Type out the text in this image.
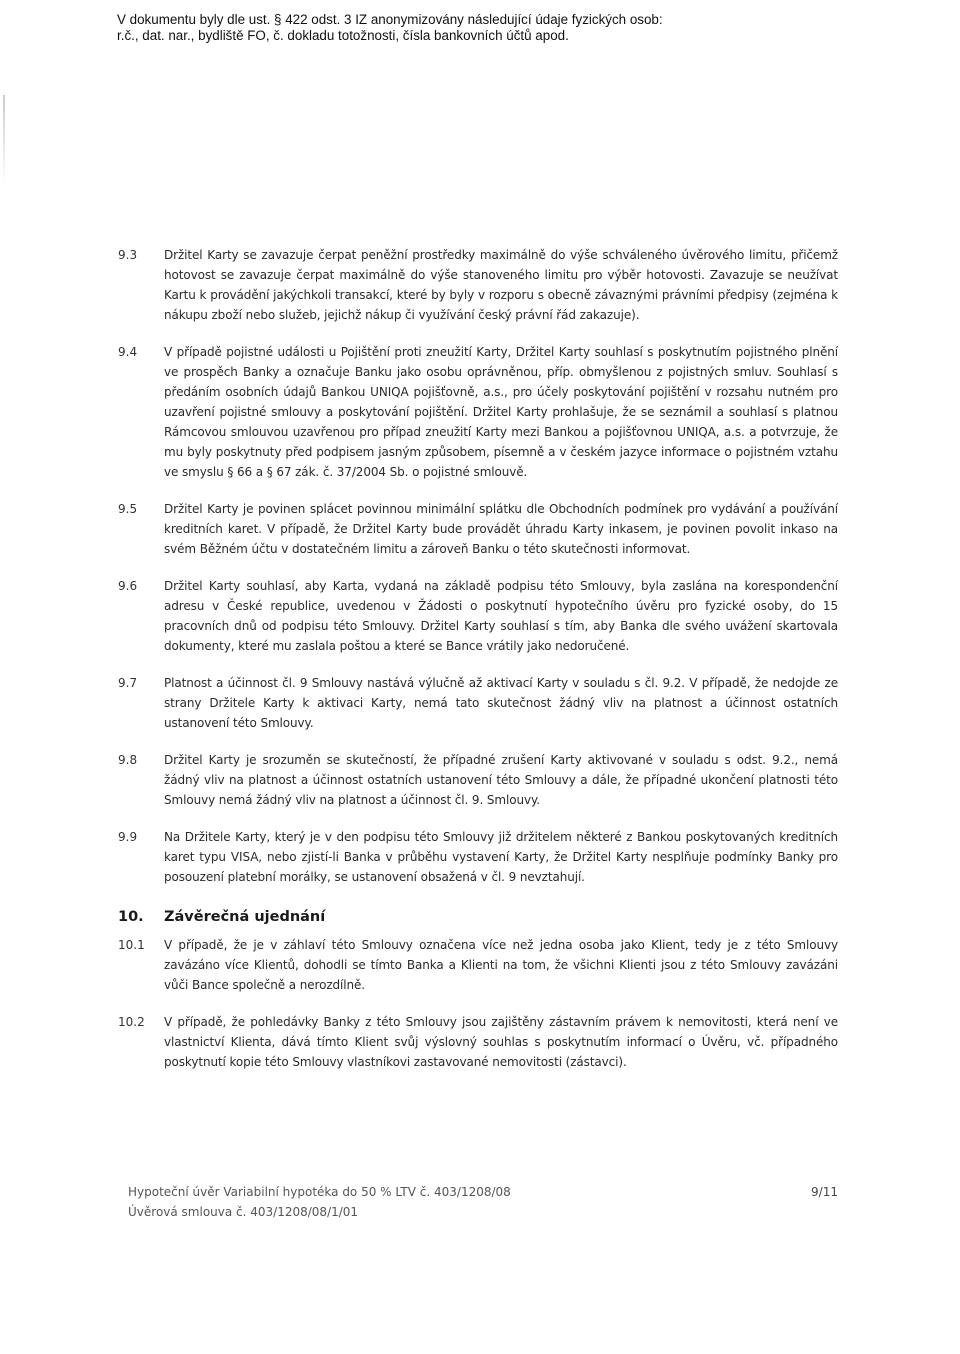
V dokumentu byly dle ust. § 422 odst. 3 IZ anonymizovány následující údaje fyzických osob:
r.č., dat. nar., bydliště FO, č. dokladu totožnosti, čísla bankovních účtů apod.
9.3	Držitel Karty se zavazuje čerpat peněžní prostředky maximálně do výše schváleného úvěrového limitu, přičemž hotovost se zavazuje čerpat maximálně do výše stanoveného limitu pro výběr hotovosti. Zavazuje se neužívat Kartu k provádění jakýchkoli transakcí, které by byly v rozporu s obecně závaznými právními předpisy (zejména k nákupu zboží nebo služeb, jejichž nákup či využívání český právní řád zakazuje).
9.4	V případě pojistné události u Pojištění proti zneužití Karty, Držitel Karty souhlasí s poskytnutím pojistného plnění ve prospěch Banky a označuje Banku jako osobu oprávněnou, příp. obmyšlenou z pojistných smluv. Souhlasí s předáním osobních údajů Bankou UNIQA pojišťovně, a.s., pro účely poskytování pojištění v rozsahu nutném pro uzavření pojistné smlouvy a poskytování pojištění. Držitel Karty prohlašuje, že se seznámil a souhlasí s platnou Rámcovou smlouvou uzavřenou pro případ zneužití Karty mezi Bankou a pojišťovnou UNIQA, a.s. a potvrzuje, že mu byly poskytnuty před podpisem jasným způsobem, písemně a v českém jazyce informace o pojistném vztahu ve smyslu § 66 a § 67 zák. č. 37/2004 Sb. o pojistné smlouvě.
9.5	Držitel Karty je povinen splácet povinnou minimální splátku dle Obchodních podmínek pro vydávání a používání kreditních karet. V případě, že Držitel Karty bude provádět úhradu Karty inkasem, je povinen povolit inkaso na svém Běžném účtu v dostatečném limitu a zároveň Banku o této skutečnosti informovat.
9.6	Držitel Karty souhlasí, aby Karta, vydaná na základě podpisu této Smlouvy, byla zaslána na korespondenční adresu v České republice, uvedenou v Žádosti o poskytnutí hypotečního úvěru pro fyzické osoby, do 15 pracovních dnů od podpisu této Smlouvy. Držitel Karty souhlasí s tím, aby Banka dle svého uvážení skartovala dokumenty, které mu zaslala poštou a které se Bance vrátily jako nedoručené.
9.7	Platnost a účinnost čl. 9 Smlouvy nastává výlučně až aktivací Karty v souladu s čl. 9.2. V případě, že nedojde ze strany Držitele Karty k aktivaci Karty, nemá tato skutečnost žádný vliv na platnost a účinnost ostatních ustanovení této Smlouvy.
9.8	Držitel Karty je srozuměn se skutečností, že případné zrušení Karty aktivované v souladu s odst. 9.2., nemá žádný vliv na platnost a účinnost ostatních ustanovení této Smlouvy a dále, že případné ukončení platnosti této Smlouvy nemá žádný vliv na platnost a účinnost čl. 9. Smlouvy.
9.9	Na Držitele Karty, který je v den podpisu této Smlouvy již držitelem některé z Bankou poskytovaných kreditních karet typu VISA, nebo zjistí-li Banka v průběhu vystavení Karty, že Držitel Karty nesplňuje podmínky Banky pro posouzení platební morálky, se ustanovení obsažená v čl. 9 nevztahují.
10.	Závěrečná ujednání
10.1	V případě, že je v záhlaví této Smlouvy označena více než jedna osoba jako Klient, tedy je z této Smlouvy zavázáno více Klientů, dohodli se tímto Banka a Klienti na tom, že všichni Klienti jsou z této Smlouvy zavázáni vůči Bance společně a nerozdílně.
10.2	V případě, že pohledávky Banky z této Smlouvy jsou zajištěny zástavním právem k nemovitosti, která není ve vlastnictví Klienta, dává tímto Klient svůj výslovný souhlas s poskytnutím informací o Úvěru, vč. případného poskytnutí kopie této Smlouvy vlastníkovi zastavované nemovitosti (zástavci).
Hypoteční úvěr Variabilní hypotéka do 50 % LTV č. 403/1208/08
Úvěrová smlouva č. 403/1208/08/1/01
9/11
